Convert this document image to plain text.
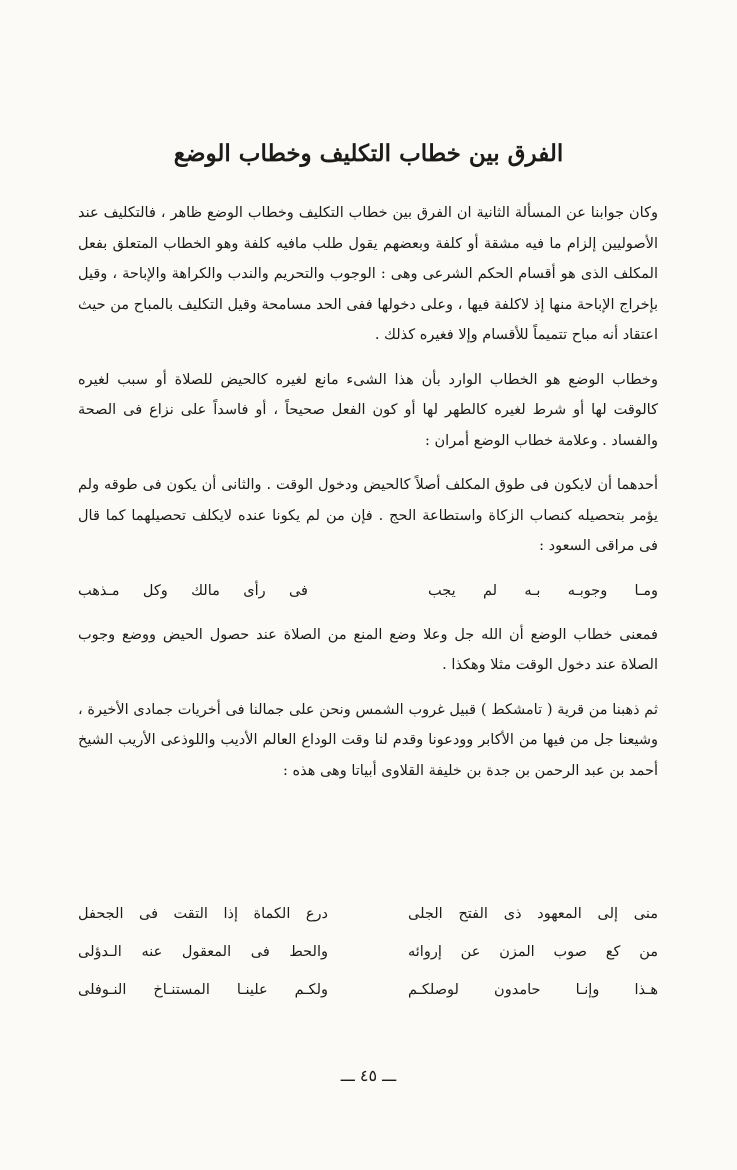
الفرق بين خطاب التكليف وخطاب الوضع

وكان جوابنا عن المسألة الثانية ان الفرق بين خطاب التكليف وخطاب الوضع ظاهر ، فالتكليف عند الأصوليين إلزام ما فيه مشقة أو كلفة وبعضهم يقول طلب مافيه كلفة وهو الخطاب المتعلق بفعل المكلف الذى هو أقسام الحكم الشرعى وهى : الوجوب والتحريم والندب والكراهة والإباحة ، وقيل بإخراج الإباحة منها إذ لاكلفة فيها ، وعلى دخولها ففى الحد مسامحة وقيل التكليف بالمباح من حيث اعتقاد أنه مباح تتميماً للأقسام وإلا فغيره كذلك .

وخطاب الوضع هو الخطاب الوارد بأن هذا الشىء مانع لغيره كالحيض للصلاة أو سبب لغيره كالوقت لها أو شرط لغيره كالطهر لها أو كون الفعل صحيحاً ، أو فاسداً على نزاع فى الصحة والفساد . وعلامة خطاب الوضع أمران :

أحدهما أن لايكون فى طوق المكلف أصلاً كالحيض ودخول الوقت . والثانى أن يكون فى طوقه ولم يؤمر بتحصيله كنصاب الزكاة واستطاعة الحج . فإن من لم يكونا عنده لايكلف تحصيلهما كما قال فى مراقى السعود :

ومـا وجوبـه بـه لم يجب
فى رأى مالك وكل مـذهب

فمعنى خطاب الوضع أن الله جل وعلا وضع المنع من الصلاة عند حصول الحيض ووضع وجوب الصلاة عند دخول الوقت مثلا وهكذا .

ثم ذهبنا من قرية ( تامشكط ) قبيل غروب الشمس ونحن على جمالنا فى أخريات جمادى الأخيرة ، وشيعنا جل من فيها من الأكابر وودعونا وقدم لنا وقت الوداع العالم الأديب واللوذعى الأريب الشيخ أحمد بن عبد الرحمن بن جدة بن خليفة القلاوى أبياتا وهى هذه :

منى إلى المعهود ذى الفتح الجلى
درع الكماة إذا التقت فى الجحفل
من كع صوب المزن عن إروائه
والحط فى المعقول عنه الـدؤلى
هـذا وإنـا حامدون لوصلكـم
ولكـم علينـا المستنـاخ النـوفلى
ـــ ٤٥ ـــ
